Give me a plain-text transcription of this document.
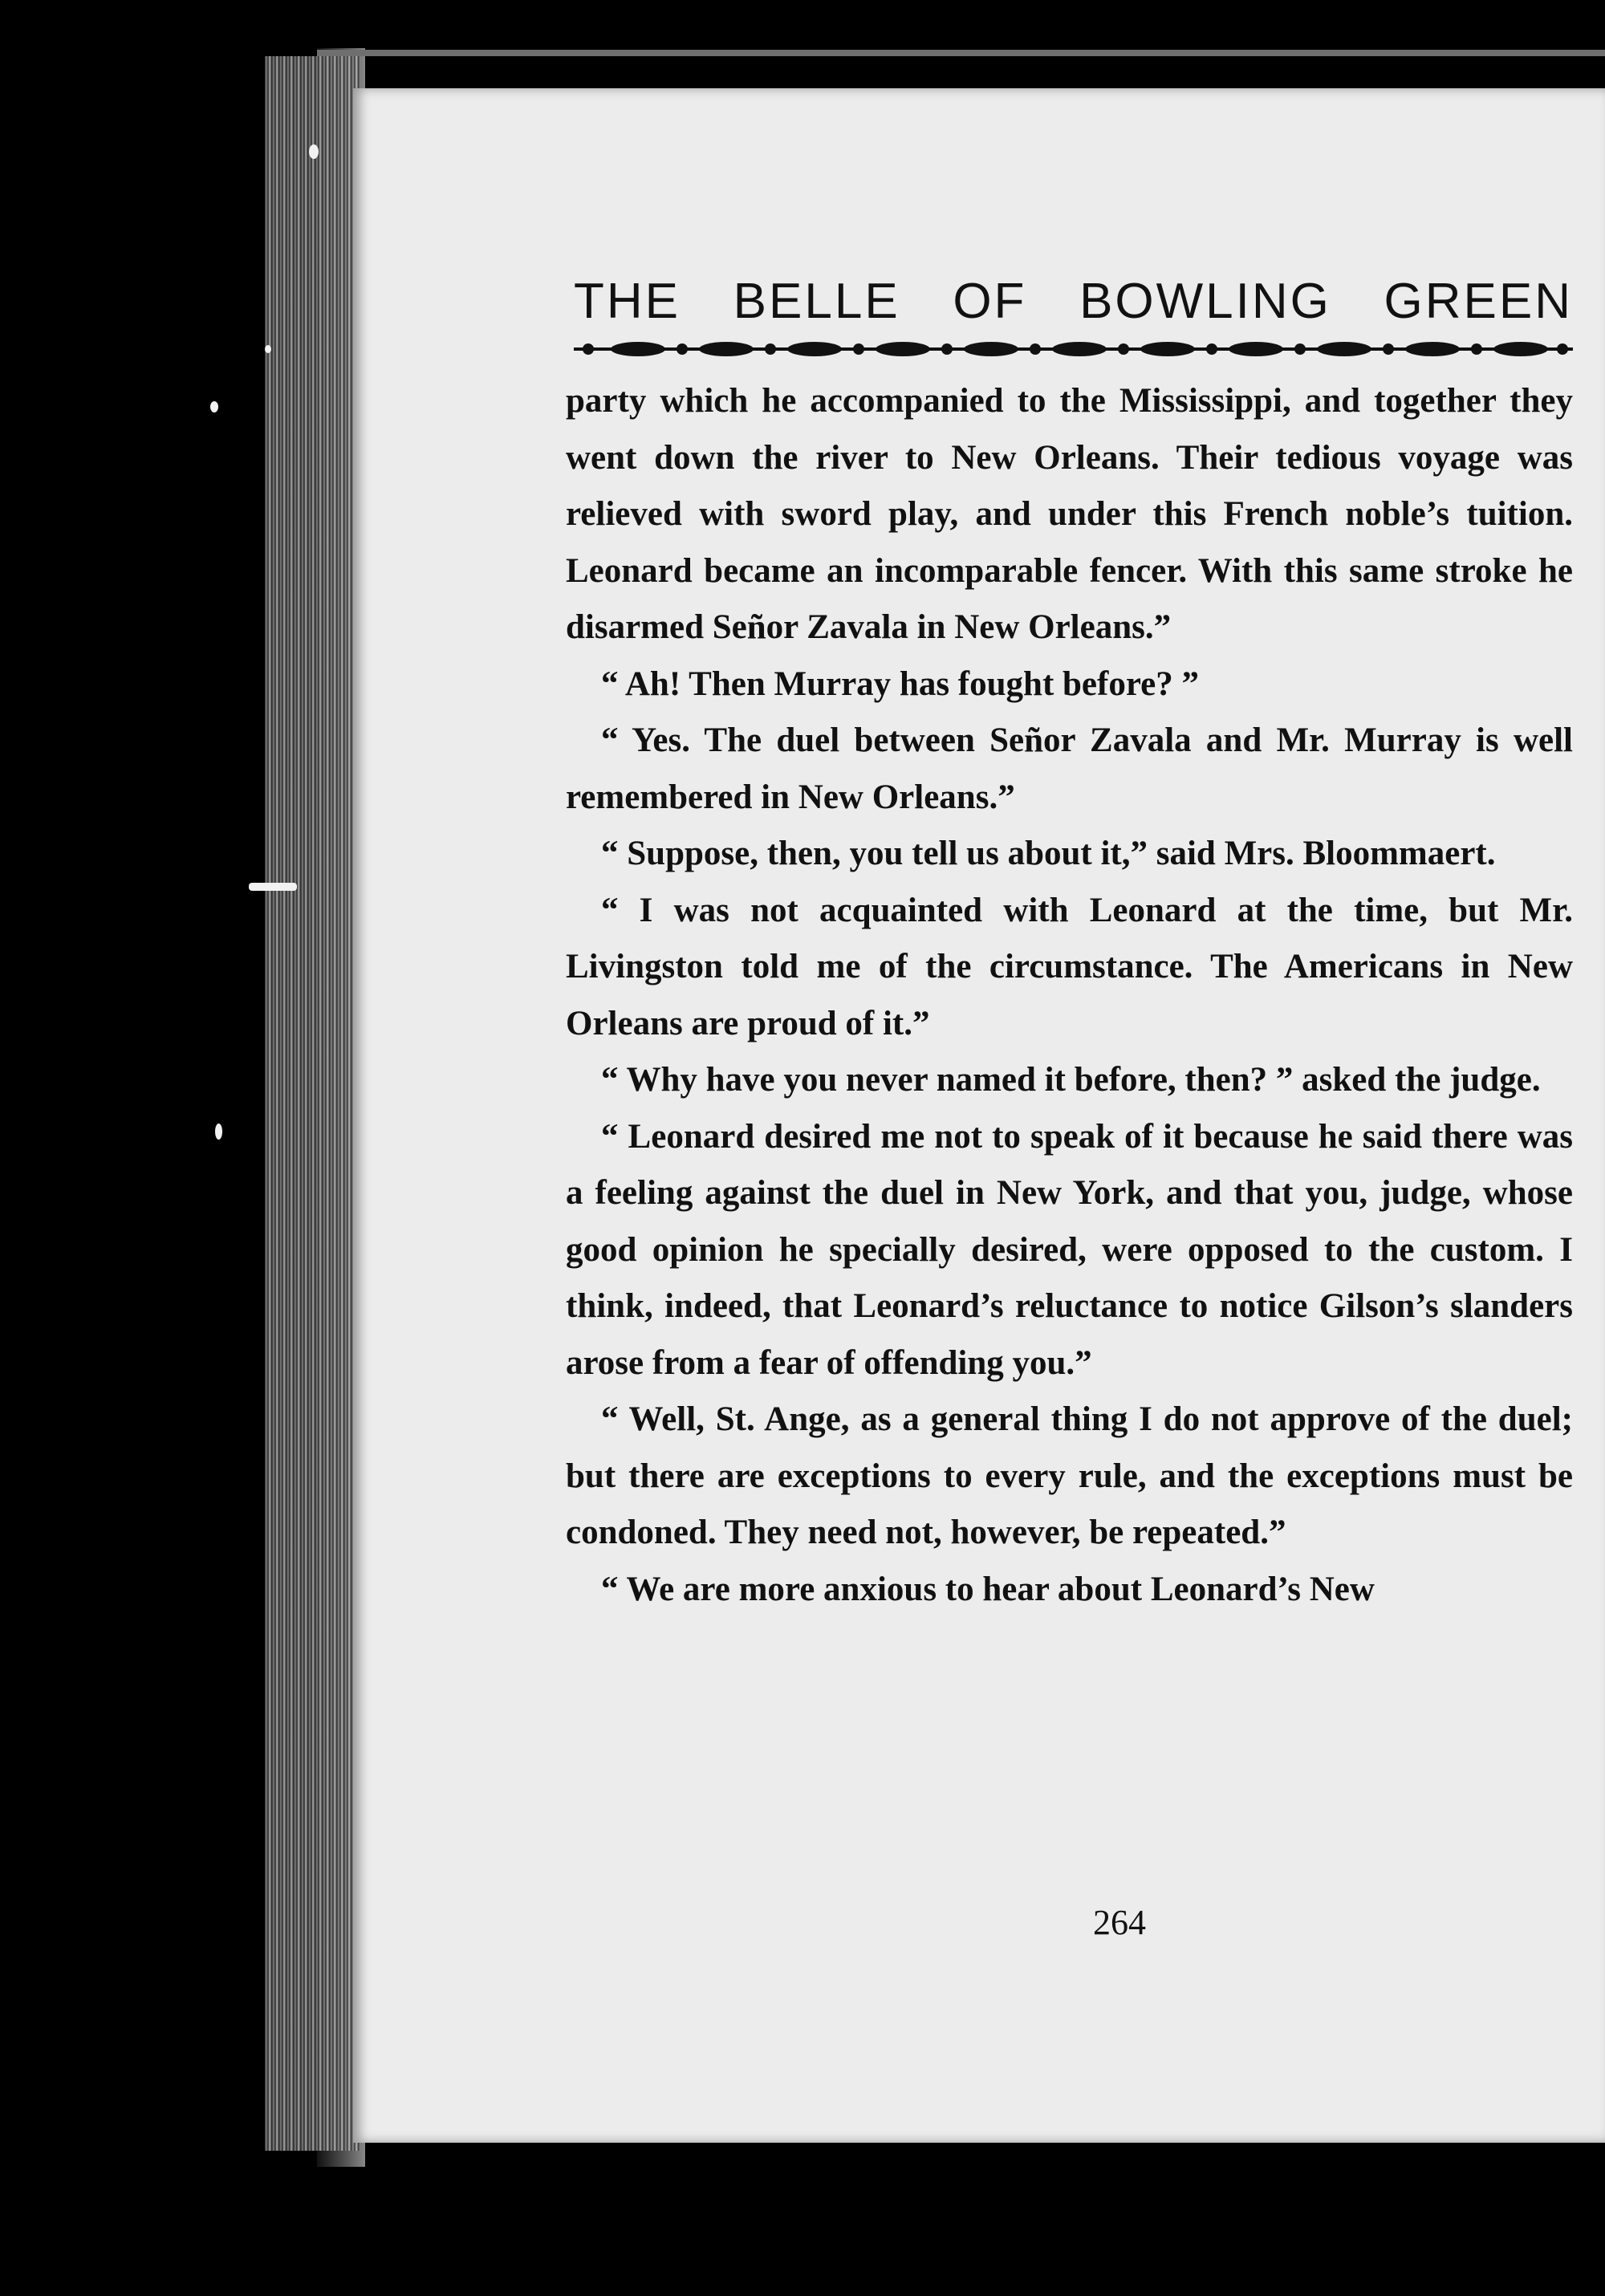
THE BELLE OF BOWLING GREEN

party which he accompanied to the Mississippi, and together they went down the river to New Orleans. Their tedious voyage was relieved with sword play, and under this French noble’s tuition. Leonard became an incomparable fencer. With this same stroke he disarmed Señor Zavala in New Orleans.”

“ Ah! Then Murray has fought before? ”

“ Yes. The duel between Señor Zavala and Mr. Murray is well remembered in New Orleans.”

“ Suppose, then, you tell us about it,” said Mrs. Bloommaert.

“ I was not acquainted with Leonard at the time, but Mr. Livingston told me of the circumstance. The Americans in New Orleans are proud of it.”

“ Why have you never named it before, then? ” asked the judge.

“ Leonard desired me not to speak of it because he said there was a feeling against the duel in New York, and that you, judge, whose good opinion he specially desired, were opposed to the custom. I think, indeed, that Leonard’s reluctance to notice Gilson’s slanders arose from a fear of offending you.”

“ Well, St. Ange, as a general thing I do not approve of the duel; but there are exceptions to every rule, and the exceptions must be condoned. They need not, however, be repeated.”

“ We are more anxious to hear about Leonard’s New

264
